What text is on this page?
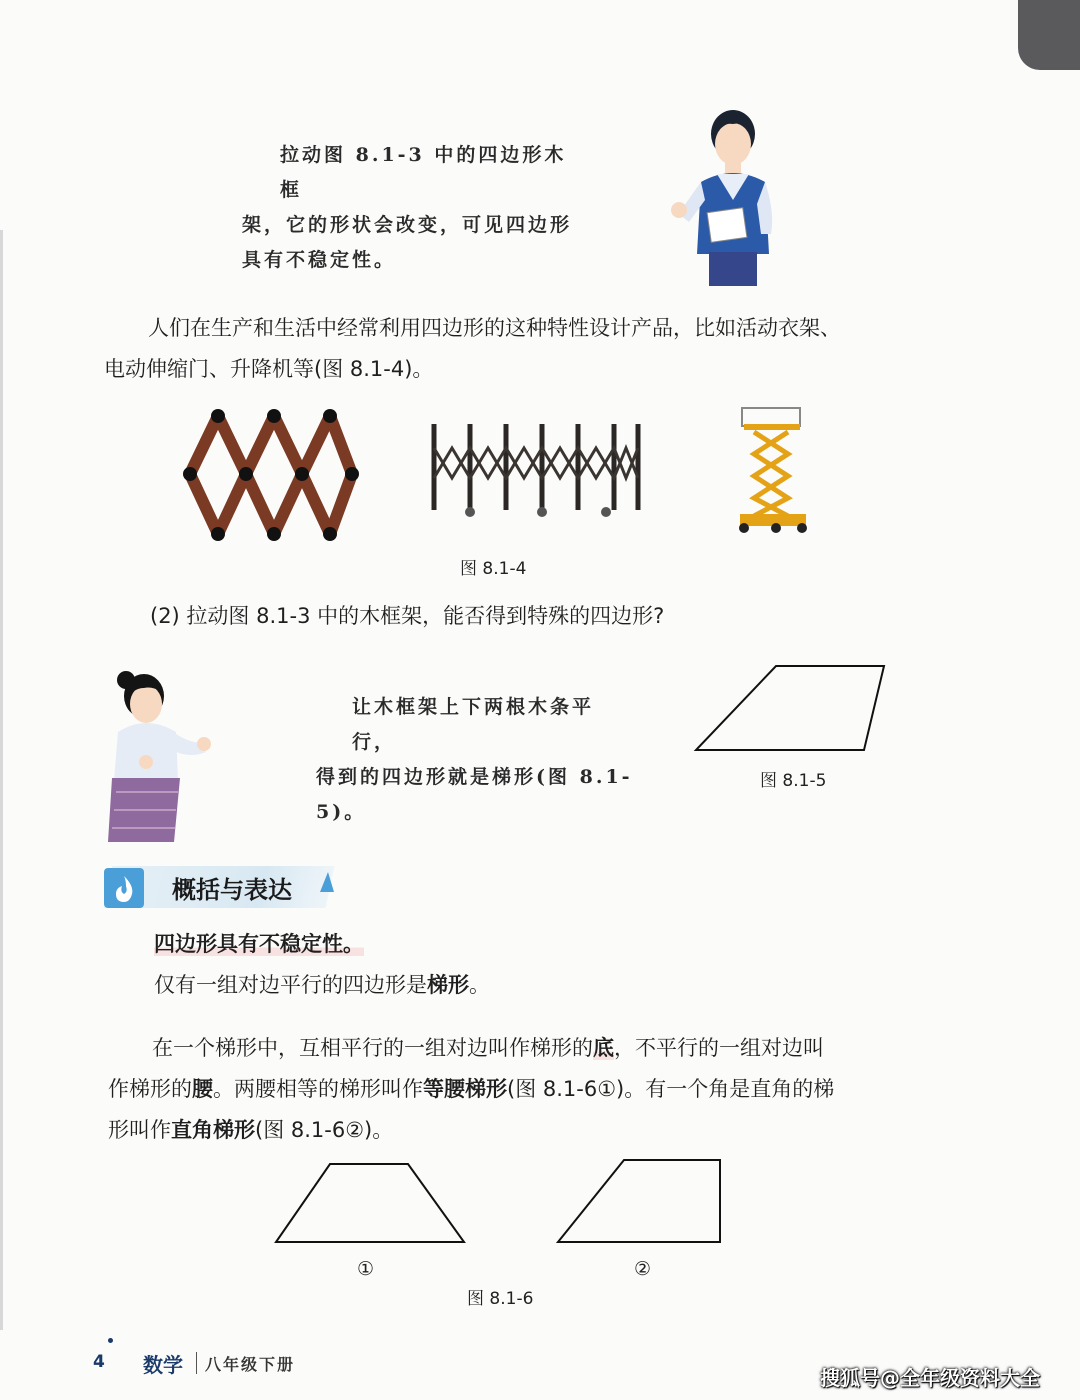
拉动图 8.1-3 中的四边形木框
架，它的形状会改变，可见四边形
具有不稳定性。
人们在生产和生活中经常利用四边形的这种特性设计产品，比如活动衣架、
电动伸缩门、升降机等(图 8.1-4)。
图 8.1-4
(2) 拉动图 8.1-3 中的木框架，能否得到特殊的四边形?
让木框架上下两根木条平行，
得到的四边形就是梯形(图 8.1-5)。
图 8.1-5
概括与表达
四边形具有不稳定性。
仅有一组对边平行的四边形是梯形。
在一个梯形中，互相平行的一组对边叫作梯形的底，不平行的一组对边叫
作梯形的腰。两腰相等的梯形叫作等腰梯形(图 8.1-6①)。有一个角是直角的梯
形叫作直角梯形(图 8.1-6②)。
①	②
图 8.1-6
4 数学 八年级下册
搜狐号@全年级资料大全
